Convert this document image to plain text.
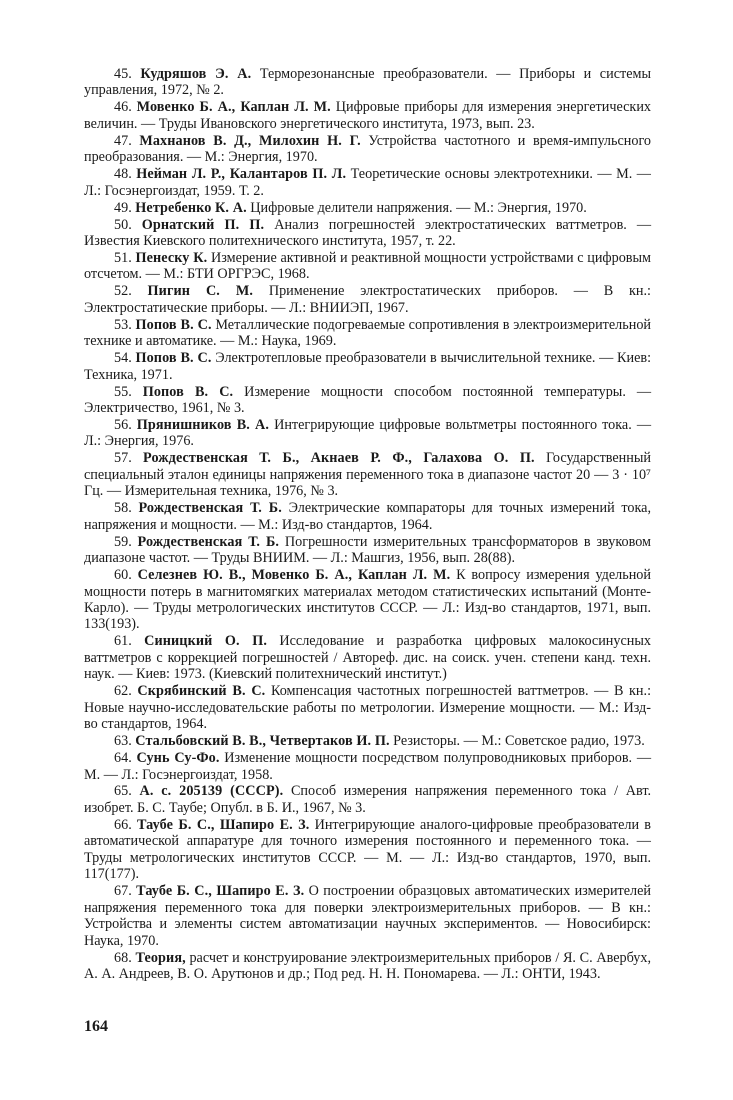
45. Кудряшов Э. А. Терморезонансные преобразователи. — Приборы и системы управления, 1972, № 2.
46. Мовенко Б. А., Каплан Л. М. Цифровые приборы для измерения энергетических величин. — Труды Ивановского энергетического института, 1973, вып. 23.
47. Махнанов В. Д., Милохин Н. Г. Устройства частотного и время-импульсного преобразования. — М.: Энергия, 1970.
48. Нейман Л. Р., Калантаров П. Л. Теоретические основы электротехники. — М. — Л.: Госэнергоиздат, 1959. Т. 2.
49. Нетребенко К. А. Цифровые делители напряжения. — М.: Энергия, 1970.
50. Орнатский П. П. Анализ погрешностей электростатических ваттметров. — Известия Киевского политехнического института, 1957, т. 22.
51. Пенеску К. Измерение активной и реактивной мощности устройствами с цифровым отсчетом. — М.: БТИ ОРГРЭС, 1968.
52. Пигин С. М. Применение электростатических приборов. — В кн.: Электростатические приборы. — Л.: ВНИИЭП, 1967.
53. Попов В. С. Металлические подогреваемые сопротивления в электроизмерительной технике и автоматике. — М.: Наука, 1969.
54. Попов В. С. Электротепловые преобразователи в вычислительной технике. — Киев: Техника, 1971.
55. Попов В. С. Измерение мощности способом постоянной температуры. — Электричество, 1961, № 3.
56. Прянишников В. А. Интегрирующие цифровые вольтметры постоянного тока. — Л.: Энергия, 1976.
57. Рождественская Т. Б., Акнаев Р. Ф., Галахова О. П. Государственный специальный эталон единицы напряжения переменного тока в диапазоне частот 20 — 3 · 10⁷ Гц. — Измерительная техника, 1976, № 3.
58. Рождественская Т. Б. Электрические компараторы для точных измерений тока, напряжения и мощности. — М.: Изд-во стандартов, 1964.
59. Рождественская Т. Б. Погрешности измерительных трансформаторов в звуковом диапазоне частот. — Труды ВНИИМ. — Л.: Машгиз, 1956, вып. 28(88).
60. Селезнев Ю. В., Мовенко Б. А., Каплан Л. М. К вопросу измерения удельной мощности потерь в магнитомягких материалах методом статистических испытаний (Монте-Карло). — Труды метрологических институтов СССР. — Л.: Изд-во стандартов, 1971, вып. 133(193).
61. Синицкий О. П. Исследование и разработка цифровых малокосинусных ваттметров с коррекцией погрешностей / Автореф. дис. на соиск. учен. степени канд. техн. наук. — Киев: 1973. (Киевский политехнический институт.)
62. Скрябинский В. С. Компенсация частотных погрешностей ваттметров. — В кн.: Новые научно-исследовательские работы по метрологии. Измерение мощности. — М.: Изд-во стандартов, 1964.
63. Стальбовский В. В., Четвертаков И. П. Резисторы. — М.: Советское радио, 1973.
64. Сунь Су-Фо. Изменение мощности посредством полупроводниковых приборов. — М. — Л.: Госэнергоиздат, 1958.
65. А. с. 205139 (СССР). Способ измерения напряжения переменного тока / Авт. изобрет. Б. С. Таубе; Опубл. в Б. И., 1967, № 3.
66. Таубе Б. С., Шапиро Е. З. Интегрирующие аналого-цифровые преобразователи в автоматической аппаратуре для точного измерения постоянного и переменного тока. — Труды метрологических институтов СССР. — М. — Л.: Изд-во стандартов, 1970, вып. 117(177).
67. Таубе Б. С., Шапиро Е. З. О построении образцовых автоматических измерителей напряжения переменного тока для поверки электроизмерительных приборов. — В кн.: Устройства и элементы систем автоматизации научных экспериментов. — Новосибирск: Наука, 1970.
68. Теория, расчет и конструирование электроизмерительных приборов / Я. С. Авербух, А. А. Андреев, В. О. Арутюнов и др.; Под ред. Н. Н. Пономарева. — Л.: ОНТИ, 1943.
164
